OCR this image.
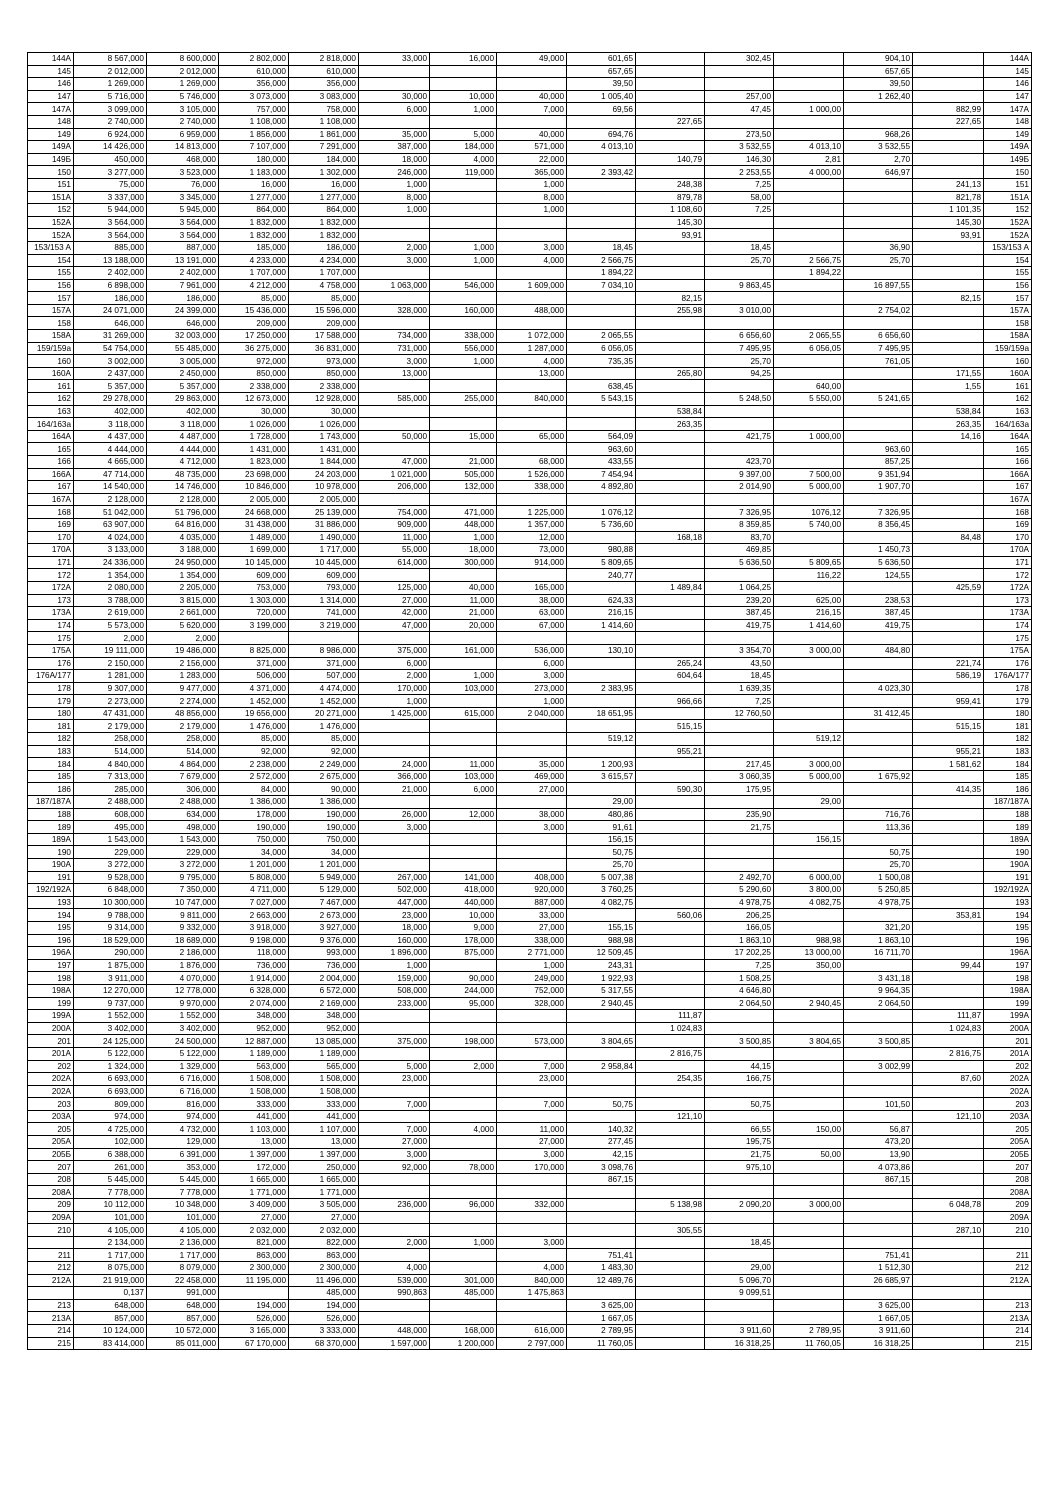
144A	8 567,000	8 600,000	2 802,000	2 818,000	33,000	16,000	49,000	601,65		302,45		904,10		144A
145	2 012,000	2 012,000	610,000	610,000				657,65				657,65		145
146	1 269,000	1 269,000	356,000	356,000				39,50				39,50		146
147	5 716,000	5 746,000	3 073,000	3 083,000	30,000	10,000	40,000	1 005,40		257,00		1 262,40		147
147A	3 099,000	3 105,000	757,000	758,000	6,000	1,000	7,000	69,56		47,45	1 000,00		882,99	147A
148	2 740,000	2 740,000	1 108,000	1 108,000					227,65				227,65	148
149	6 924,000	6 959,000	1 856,000	1 861,000	35,000	5,000	40,000	694,76		273,50		968,26		149
149A	14 426,000	14 813,000	7 107,000	7 291,000	387,000	184,000	571,000	4 013,10		3 532,55	4 013,10	3 532,55		149A
149Б	450,000	468,000	180,000	184,000	18,000	4,000	22,000		140,79	146,30	2,81	2,70		149Б
150	3 277,000	3 523,000	1 183,000	1 302,000	246,000	119,000	365,000	2 393,42		2 253,55	4 000,00	646,97		150
151	75,000	76,000	16,000	16,000	1,000		1,000		248,38	7,25			241,13	151
151A	3 337,000	3 345,000	1 277,000	1 277,000	8,000		8,000		879,78	58,00			821,78	151A
152	5 944,000	5 945,000	864,000	864,000	1,000		1,000		1 108,60	7,25			1 101,35	152
152A	3 564,000	3 564,000	1 832,000	1 832,000					145,30				145,30	152A
152A	3 564,000	3 564,000	1 832,000	1 832,000					93,91				93,91	152A
153/153 A	885,000	887,000	185,000	186,000	2,000	1,000	3,000	18,45		18,45		36,90		153/153 A
154	13 188,000	13 191,000	4 233,000	4 234,000	3,000	1,000	4,000	2 566,75		25,70	2 566,75	25,70		154
155	2 402,000	2 402,000	1 707,000	1 707,000				1 894,22			1 894,22			155
156	6 898,000	7 961,000	4 212,000	4 758,000	1 063,000	546,000	1 609,000	7 034,10		9 863,45		16 897,55		156
157	186,000	186,000	85,000	85,000					82,15				82,15	157
157A	24 071,000	24 399,000	15 436,000	15 596,000	328,000	160,000	488,000		255,98	3 010,00		2 754,02		157A
158	646,000	646,000	209,000	209,000										158
158A	31 269,000	32 003,000	17 250,000	17 588,000	734,000	338,000	1 072,000	2 065,55		6 656,60	2 065,55	6 656,60		158A
159/159a	54 754,000	55 485,000	36 275,000	36 831,000	731,000	556,000	1 287,000	6 056,05		7 495,95	6 056,05	7 495,95		159/159a
160	3 002,000	3 005,000	972,000	973,000	3,000	1,000	4,000	735,35		25,70		761,05		160
160A	2 437,000	2 450,000	850,000	850,000	13,000		13,000		265,80	94,25			171,55	160A
161	5 357,000	5 357,000	2 338,000	2 338,000				638,45			640,00		1,55	161
162	29 278,000	29 863,000	12 673,000	12 928,000	585,000	255,000	840,000	5 543,15		5 248,50	5 550,00	5 241,65		162
163	402,000	402,000	30,000	30,000					538,84				538,84	163
164/163a	3 118,000	3 118,000	1 026,000	1 026,000					263,35				263,35	164/163a
164A	4 437,000	4 487,000	1 728,000	1 743,000	50,000	15,000	65,000	564,09		421,75	1 000,00		14,16	164A
165	4 444,000	4 444,000	1 431,000	1 431,000				963,60				963,60		165
166	4 665,000	4 712,000	1 823,000	1 844,000	47,000	21,000	68,000	433,55		423,70		857,25		166
166A	47 714,000	48 735,000	23 698,000	24 203,000	1 021,000	505,000	1 526,000	7 454,94		9 397,00	7 500,00	9 351,94		166A
167	14 540,000	14 746,000	10 846,000	10 978,000	206,000	132,000	338,000	4 892,80		2 014,90	5 000,00	1 907,70		167
167A	2 128,000	2 128,000	2 005,000	2 005,000										167A
168	51 042,000	51 796,000	24 668,000	25 139,000	754,000	471,000	1 225,000	1 076,12		7 326,95	1076,12	7 326,95		168
169	63 907,000	64 816,000	31 438,000	31 886,000	909,000	448,000	1 357,000	5 736,60		8 359,85	5 740,00	8 356,45		169
170	4 024,000	4 035,000	1 489,000	1 490,000	11,000	1,000	12,000		168,18	83,70			84,48	170
170A	3 133,000	3 188,000	1 699,000	1 717,000	55,000	18,000	73,000	980,88		469,85		1 450,73		170A
171	24 336,000	24 950,000	10 145,000	10 445,000	614,000	300,000	914,000	5 809,65		5 636,50	5 809,65	5 636,50		171
172	1 354,000	1 354,000	609,000	609,000				240,77			116,22	124,55		172
172A	2 080,000	2 205,000	753,000	793,000	125,000	40,000	165,000		1 489,84	1 064,25			425,59	172A
173	3 788,000	3 815,000	1 303,000	1 314,000	27,000	11,000	38,000	624,33		239,20	625,00	238,53		173
173A	2 619,000	2 661,000	720,000	741,000	42,000	21,000	63,000	216,15		387,45	216,15	387,45		173A
174	5 573,000	5 620,000	3 199,000	3 219,000	47,000	20,000	67,000	1 414,60		419,75	1 414,60	419,75		174
175	2,000	2,000												175
175A	19 111,000	19 486,000	8 825,000	8 986,000	375,000	161,000	536,000	130,10		3 354,70	3 000,00	484,80		175A
176	2 150,000	2 156,000	371,000	371,000	6,000		6,000		265,24	43,50			221,74	176
176A/177	1 281,000	1 283,000	506,000	507,000	2,000	1,000	3,000		604,64	18,45			586,19	176A/177
178	9 307,000	9 477,000	4 371,000	4 474,000	170,000	103,000	273,000	2 383,95		1 639,35		4 023,30		178
179	2 273,000	2 274,000	1 452,000	1 452,000	1,000		1,000		966,66	7,25			959,41	179
180	47 431,000	48 856,000	19 656,000	20 271,000	1 425,000	615,000	2 040,000	18 651,95		12 760,50		31 412,45		180
181	2 179,000	2 179,000	1 476,000	1 476,000					515,15				515,15	181
182	258,000	258,000	85,000	85,000				519,12			519,12			182
183	514,000	514,000	92,000	92,000					955,21				955,21	183
184	4 840,000	4 864,000	2 238,000	2 249,000	24,000	11,000	35,000	1 200,93		217,45	3 000,00		1 581,62	184
185	7 313,000	7 679,000	2 572,000	2 675,000	366,000	103,000	469,000	3 615,57		3 060,35	5 000,00	1 675,92		185
186	285,000	306,000	84,000	90,000	21,000	6,000	27,000		590,30	175,95			414,35	186
187/187A	2 488,000	2 488,000	1 386,000	1 386,000				29,00			29,00			187/187A
188	608,000	634,000	178,000	190,000	26,000	12,000	38,000	480,86		235,90		716,76		188
189	495,000	498,000	190,000	190,000	3,000		3,000	91,61		21,75		113,36		189
189A	1 543,000	1 543,000	750,000	750,000				156,15			156,15			189A
190	229,000	229,000	34,000	34,000				50,75				50,75		190
190A	3 272,000	3 272,000	1 201,000	1 201,000				25,70				25,70		190A
191	9 528,000	9 795,000	5 808,000	5 949,000	267,000	141,000	408,000	5 007,38		2 492,70	6 000,00	1 500,08		191
192/192A	6 848,000	7 350,000	4 711,000	5 129,000	502,000	418,000	920,000	3 760,25		5 290,60	3 800,00	5 250,85		192/192A
193	10 300,000	10 747,000	7 027,000	7 467,000	447,000	440,000	887,000	4 082,75		4 978,75	4 082,75	4 978,75		193
194	9 788,000	9 811,000	2 663,000	2 673,000	23,000	10,000	33,000		560,06	206,25			353,81	194
195	9 314,000	9 332,000	3 918,000	3 927,000	18,000	9,000	27,000	155,15		166,05		321,20		195
196	18 529,000	18 689,000	9 198,000	9 376,000	160,000	178,000	338,000	988,98		1 863,10	988,98	1 863,10		196
196A	290,000	2 186,000	118,000	993,000	1 896,000	875,000	2 771,000	12 509,45		17 202,25	13 000,00	16 711,70		196A
197	1 875,000	1 876,000	736,000	736,000	1,000		1,000	243,31		7,25	350,00		99,44	197
198	3 911,000	4 070,000	1 914,000	2 004,000	159,000	90,000	249,000	1 922,93		1 508,25		3 431,18		198
198A	12 270,000	12 778,000	6 328,000	6 572,000	508,000	244,000	752,000	5 317,55		4 646,80		9 964,35		198A
199	9 737,000	9 970,000	2 074,000	2 169,000	233,000	95,000	328,000	2 940,45		2 064,50	2 940,45	2 064,50		199
199A	1 552,000	1 552,000	348,000	348,000					111,87				111,87	199A
200A	3 402,000	3 402,000	952,000	952,000					1 024,83				1 024,83	200A
201	24 125,000	24 500,000	12 887,000	13 085,000	375,000	198,000	573,000	3 804,65		3 500,85	3 804,65	3 500,85		201
201A	5 122,000	5 122,000	1 189,000	1 189,000					2 816,75				2 816,75	201A
202	1 324,000	1 329,000	563,000	565,000	5,000	2,000	7,000	2 958,84		44,15		3 002,99		202
202A	6 693,000	6 716,000	1 508,000	1 508,000	23,000		23,000		254,35	166,75			87,60	202A
202A	6 693,000	6 716,000	1 508,000	1 508,000										202A
203	809,000	816,000	333,000	333,000	7,000		7,000	50,75		50,75		101,50		203
203A	974,000	974,000	441,000	441,000					121,10				121,10	203A
205	4 725,000	4 732,000	1 103,000	1 107,000	7,000	4,000	11,000	140,32		66,55	150,00	56,87		205
205A	102,000	129,000	13,000	13,000	27,000		27,000	277,45		195,75		473,20		205A
205Б	6 388,000	6 391,000	1 397,000	1 397,000	3,000		3,000	42,15		21,75	50,00	13,90		205Б
207	261,000	353,000	172,000	250,000	92,000	78,000	170,000	3 098,76		975,10		4 073,86		207
208	5 445,000	5 445,000	1 665,000	1 665,000				867,15				867,15		208
208A	7 778,000	7 778,000	1 771,000	1 771,000										208A
209	10 112,000	10 348,000	3 409,000	3 505,000	236,000	96,000	332,000		5 138,98	2 090,20	3 000,00		6 048,78	209
209A	101,000	101,000	27,000	27,000										209A
210	4 105,000	4 105,000	2 032,000	2 032,000					305,55				287,10	210
	2 134,000	2 136,000	821,000	822,000	2,000	1,000	3,000			18,45				
211	1 717,000	1 717,000	863,000	863,000				751,41				751,41		211
212	8 075,000	8 079,000	2 300,000	2 300,000	4,000		4,000	1 483,30		29,00		1 512,30		212
212A	21 919,000	22 458,000	11 195,000	11 496,000	539,000	301,000	840,000	12 489,76		5 096,70		26 685,97		212A
	0,137	991,000		485,000	990,863	485,000	1 475,863			9 099,51				
213	648,000	648,000	194,000	194,000				3 625,00				3 625,00		213
213A	857,000	857,000	526,000	526,000				1 667,05				1 667,05		213A
214	10 124,000	10 572,000	3 165,000	3 333,000	448,000	168,000	616,000	2 789,95		3 911,60	2 789,95	3 911,60		214
215	83 414,000	85 011,000	67 170,000	68 370,000	1 597,000	1 200,000	2 797,000	11 760,05		16 318,25	11 760,05	16 318,25		215
